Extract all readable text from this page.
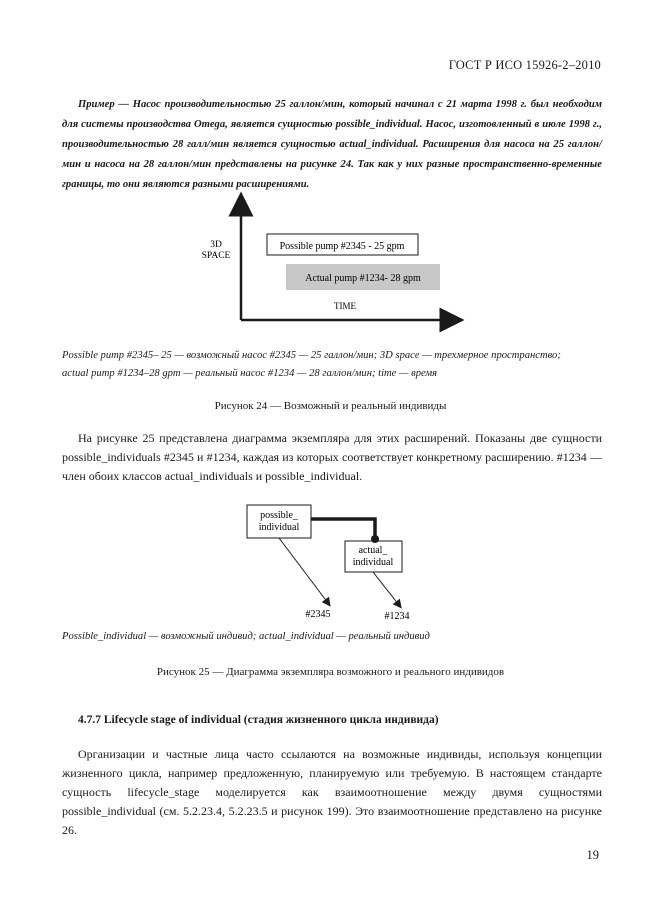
ГОСТ Р ИСО 15926-2–2010

Пример — Насос производительностью 25 галлон/мин, который начинал с 21 марта 1998 г. был необходим для системы производства Omega, является сущностью possible_individual. Насос, изготовленный в июле 1998 г., производительностью 28 галл/мин является сущностью actual_individual. Расширения для насоса на 25 галлон/мин и насоса на 28 галлон/мин представлены на рисунке 24. Так как у них разные пространственно-временные границы, то они являются разными расширениями.

3D
SPACE
TIME
Possible pump #2345 - 25 gpm
Actual pump #1234- 28 gpm
Possible pump #2345– 25 — возможный насос #2345 — 25 галлон/мин; 3D space — трехмерное пространство;
actual pump #1234–28 gpm — реальный насос #1234 — 28 галлон/мин; time — время
Рисунок 24 — Возможный и реальный индивиды

На рисунке 25 представлена диаграмма экземпляра для этих расширений. Показаны две сущности possible_individuals #2345 и #1234, каждая из которых соответствует конкретному расширению. #1234 — член обоих классов actual_individuals и possible_individual.

possible_
individual
actual_
individual
#2345	#1234
Possible_individual — возможный индивид; actual_individual — реальный индивид
Рисунок 25 — Диаграмма экземпляра возможного и реального индивидов
4.7.7 Lifecycle stage of individual (стадия жизненного цикла индивида)

Организации и частные лица часто ссылаются на возможные индивиды, используя концепции жизненного цикла, например предложенную, планируемую или требуемую. В настоящем стандарте сущность lifecycle_stage моделируется как взаимоотношение между двумя сущностями possible_individual (см. 5.2.23.4, 5.2.23.5 и рисунок 199). Это взаимоотношение представлено на рисунке 26.

19
